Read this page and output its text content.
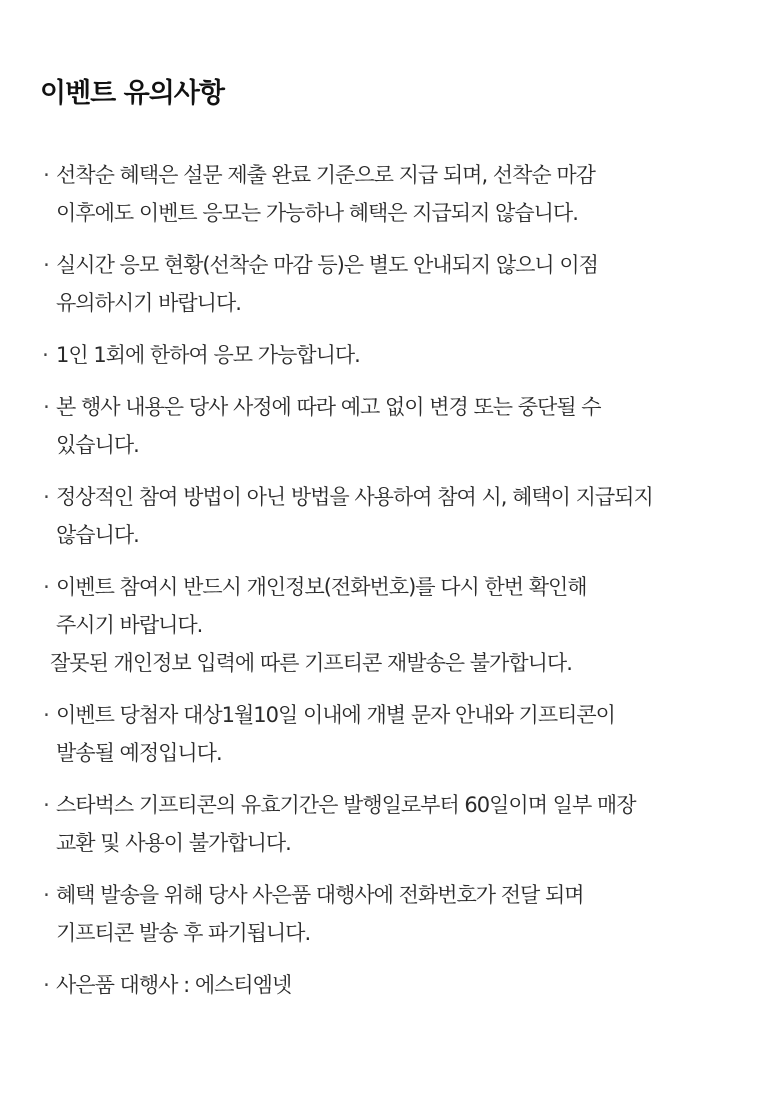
이벤트 유의사항
· 선착순 혜택은 설문 제출 완료 기준으로 지급 되며, 선착순 마감
이후에도 이벤트 응모는 가능하나 혜택은 지급되지 않습니다.
· 실시간 응모 현황(선착순 마감 등)은 별도 안내되지 않으니 이점
유의하시기 바랍니다.
· 1인 1회에 한하여 응모 가능합니다.
· 본 행사 내용은 당사 사정에 따라 예고 없이 변경 또는 중단될 수
있습니다.
· 정상적인 참여 방법이 아닌 방법을 사용하여 참여 시, 혜택이 지급되지
않습니다.
· 이벤트 참여시 반드시 개인정보(전화번호)를 다시 한번 확인해
주시기 바랍니다.
잘못된 개인정보 입력에 따른 기프티콘 재발송은 불가합니다.
· 이벤트 당첨자 대상1월10일 이내에 개별 문자 안내와 기프티콘이
발송될 예정입니다.
· 스타벅스 기프티콘의 유효기간은 발행일로부터 60일이며 일부 매장
교환 및 사용이 불가합니다.
· 혜택 발송을 위해 당사 사은품 대행사에 전화번호가 전달 되며
기프티콘 발송 후 파기됩니다.
· 사은품 대행사 : 에스티엠넷
